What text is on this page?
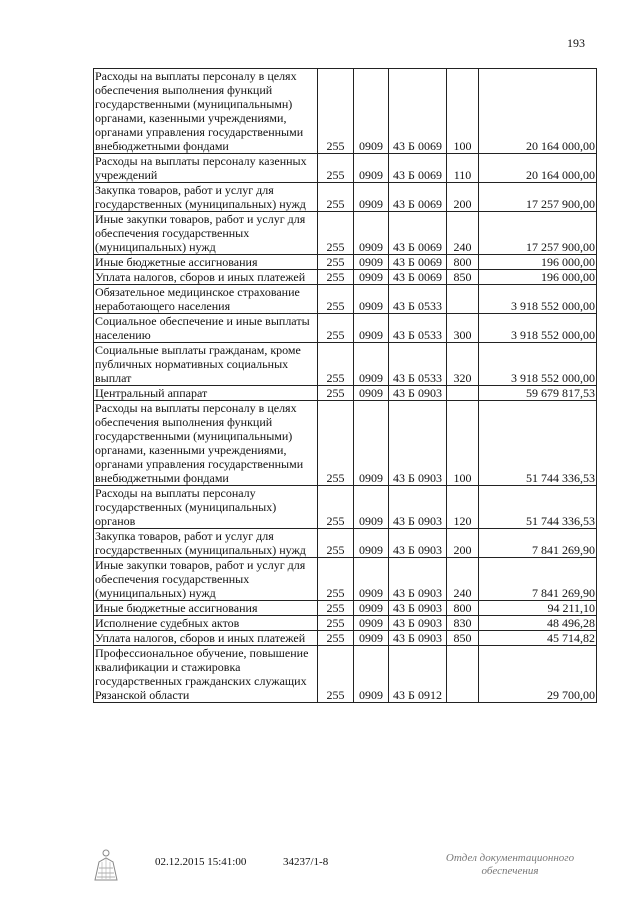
193
Расходы на выплаты персоналу в целях обеспечения выполнения функций государственными (муниципальнымн) органами, казенными учреждениями, органами управления государственными внебюджетными фондами	255	0909	43 Б 0069	100	20 164 000,00
Расходы на выплаты персоналу казенных учреждений	255	0909	43 Б 0069	110	20 164 000,00
Закупка товаров, работ и услуг для государственных (муниципальных) нужд	255	0909	43 Б 0069	200	17 257 900,00
Иные закупки товаров, работ и услуг для обеспечения государственных (муниципальных) нужд	255	0909	43 Б 0069	240	17 257 900,00
Иные бюджетные ассигнования	255	0909	43 Б 0069	800	196 000,00
Уплата налогов, сборов и иных платежей	255	0909	43 Б 0069	850	196 000,00
Обязательное медицинское страхование неработающего населения	255	0909	43 Б 0533		3 918 552 000,00
Социальное обеспечение и иные выплаты населению	255	0909	43 Б 0533	300	3 918 552 000,00
Социальные выплаты гражданам, кроме публичных нормативных социальных выплат	255	0909	43 Б 0533	320	3 918 552 000,00
Центральный аппарат	255	0909	43 Б 0903		59 679 817,53
Расходы на выплаты персоналу в целях обеспечения выполнения функций государственными (муниципальными) органами, казенными учреждениями, органами управления государственными внебюджетными фондами	255	0909	43 Б 0903	100	51 744 336,53
Расходы на выплаты персоналу государственных (муниципальных) органов	255	0909	43 Б 0903	120	51 744 336,53
Закупка товаров, работ и услуг для государственных (муниципальных) нужд	255	0909	43 Б 0903	200	7 841 269,90
Иные закупки товаров, работ и услуг для обеспечения государственных (муниципальных) нужд	255	0909	43 Б 0903	240	7 841 269,90
Иные бюджетные ассигнования	255	0909	43 Б 0903	800	94 211,10
Исполнение судебных актов	255	0909	43 Б 0903	830	48 496,28
Уплата налогов, сборов и иных платежей	255	0909	43 Б 0903	850	45 714,82
Профессиональное обучение, повышение квалификации и стажировка государственных гражданских служащих Рязанской области	255	0909	43 Б 0912		29 700,00
02.12.2015 15:41:00	34237/1-8	Отдел документационного
обеспечения
